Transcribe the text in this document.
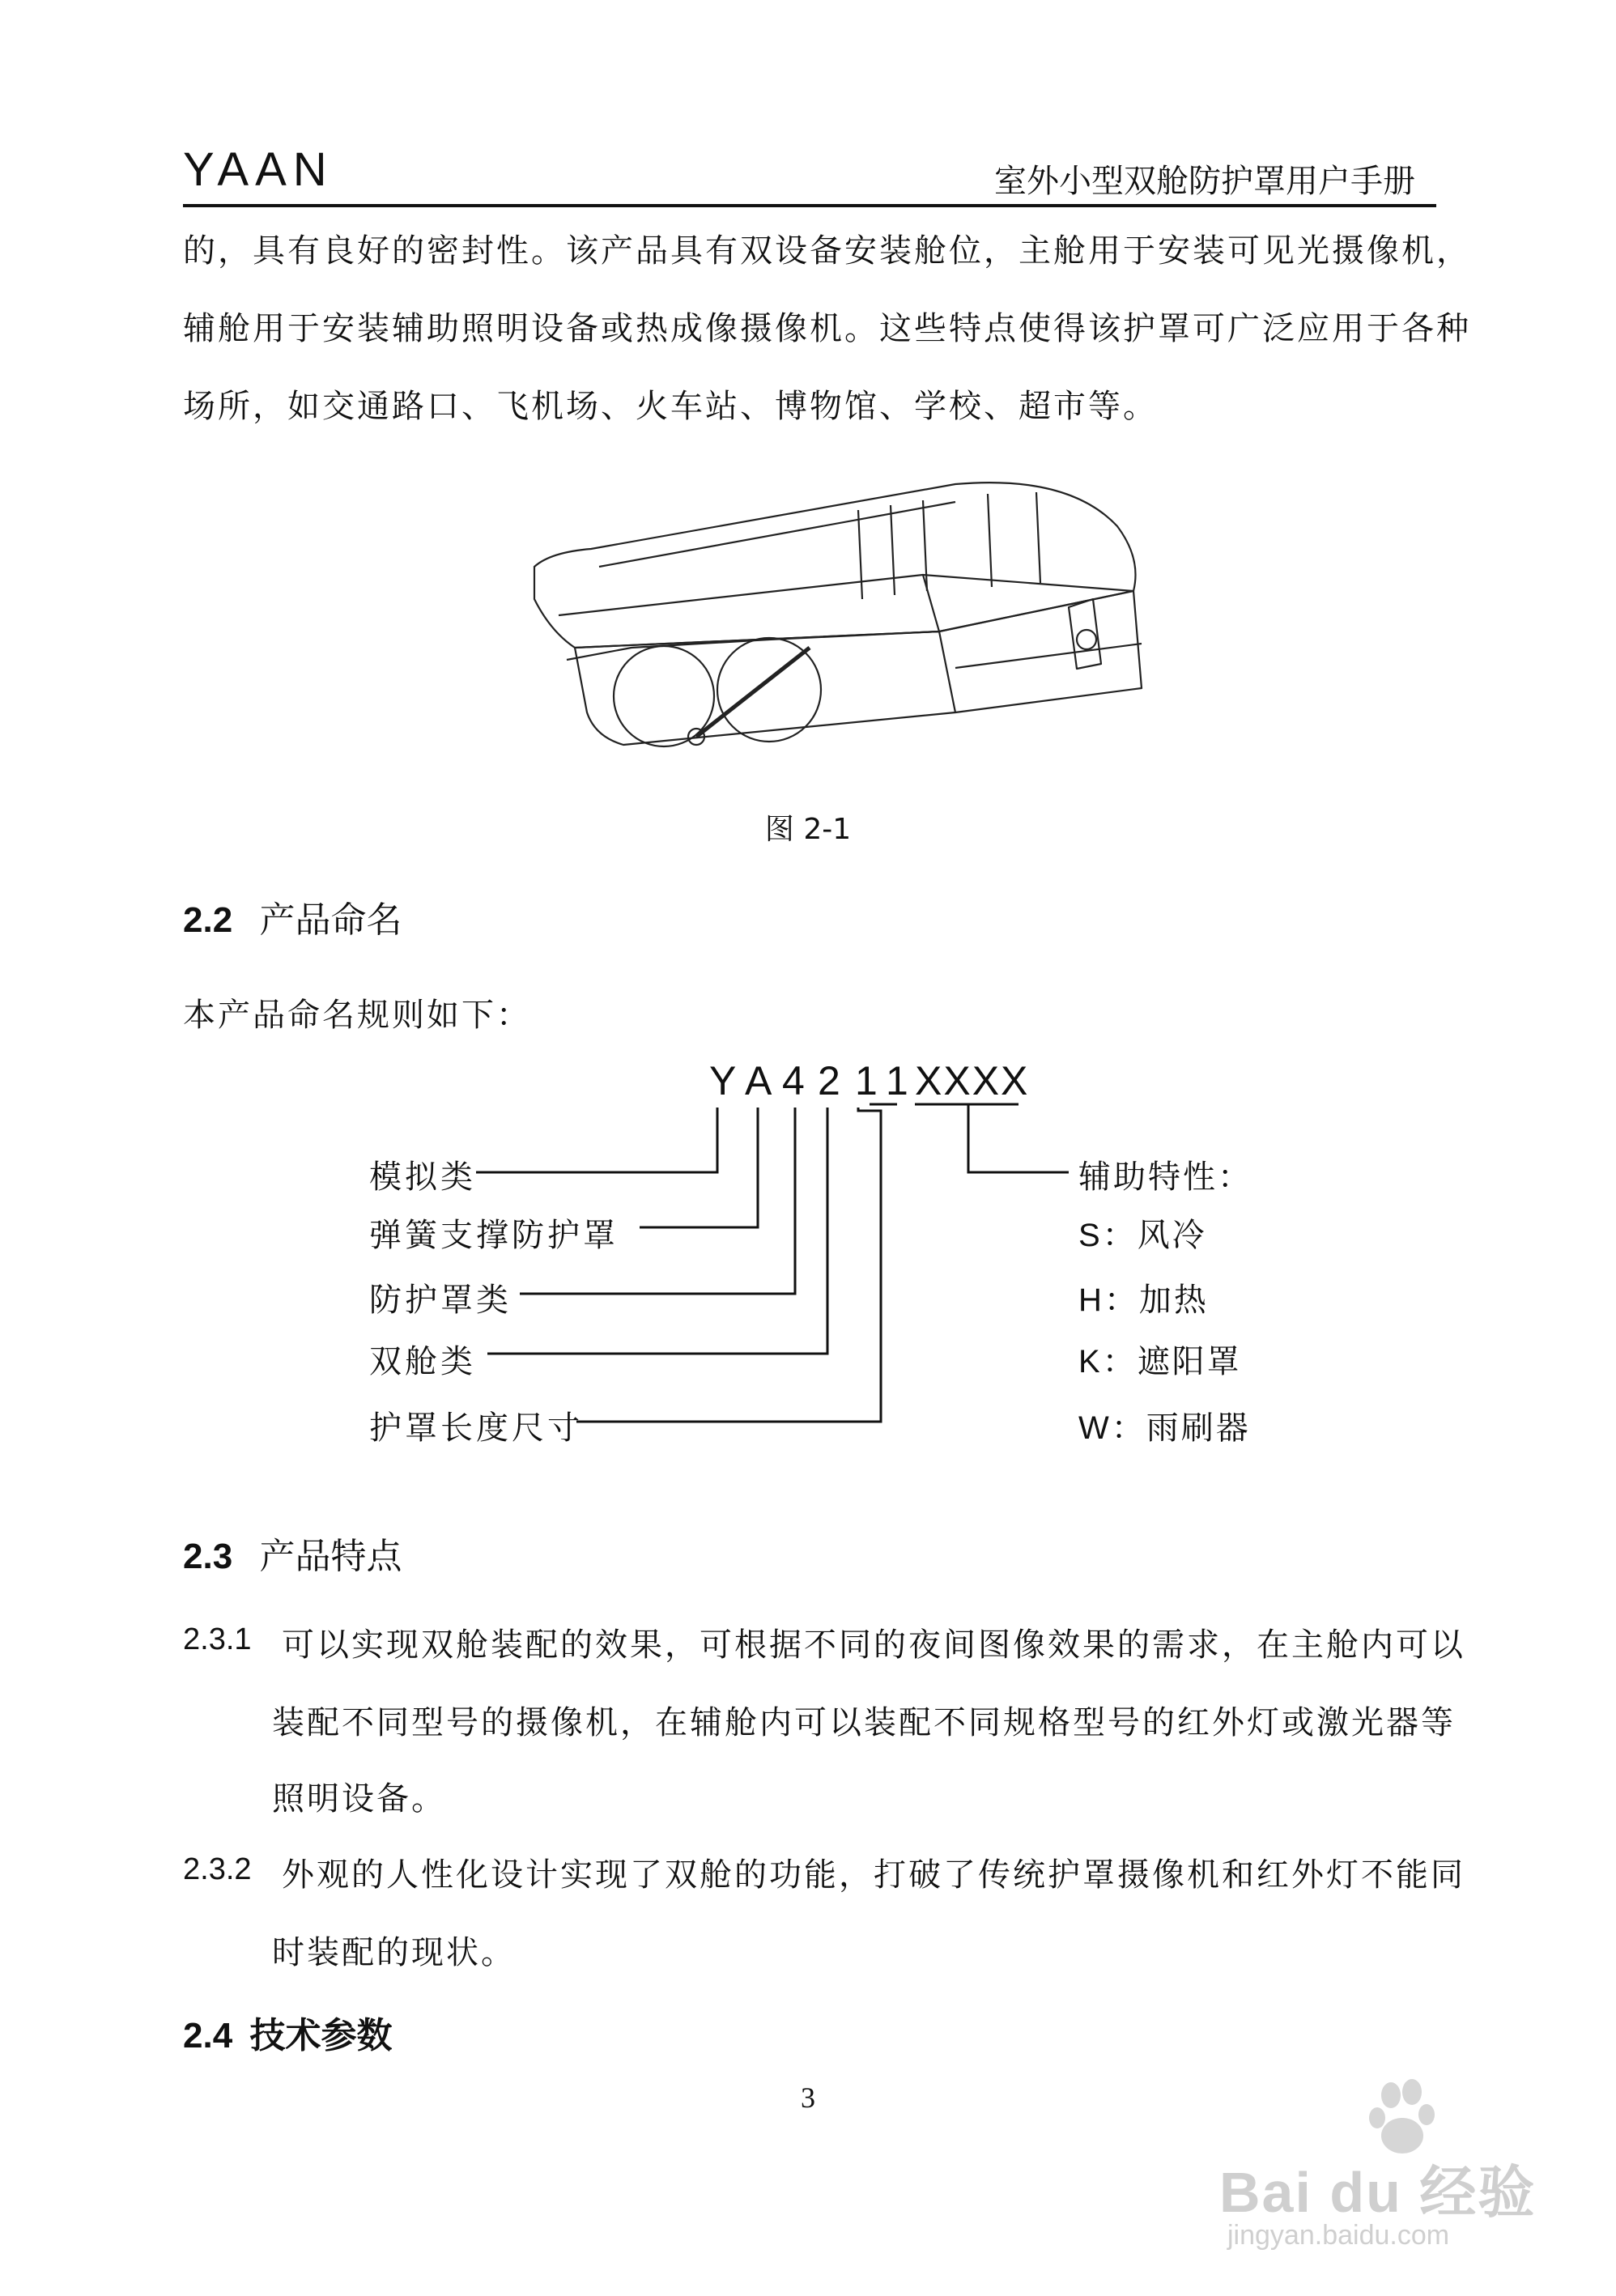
YAAN	室外小型双舱防护罩用户手册
的，具有良好的密封性。该产品具有双设备安装舱位，主舱用于安装可见光摄像机，
辅舱用于安装辅助照明设备或热成像摄像机。这些特点使得该护罩可广泛应用于各种
场所，如交通路口、飞机场、火车站、博物馆、学校、超市等。
图 2-1
2.2 产品命名
本产品命名规则如下：
Y A 4 2 1 1 XXXX
模拟类
弹簧支撑防护罩
防护罩类
双舱类
护罩长度尺寸
辅助特性：
S：风冷
H：加热
K：遮阳罩
W：雨刷器
2.3 产品特点
2.3.1 可以实现双舱装配的效果，可根据不同的夜间图像效果的需求，在主舱内可以
装配不同型号的摄像机，在辅舱内可以装配不同规格型号的红外灯或激光器等
照明设备。
2.3.2 外观的人性化设计实现了双舱的功能，打破了传统护罩摄像机和红外灯不能同
时装配的现状。
2.4 技术参数
3
Bai du 经验
jingyan.baidu.com
